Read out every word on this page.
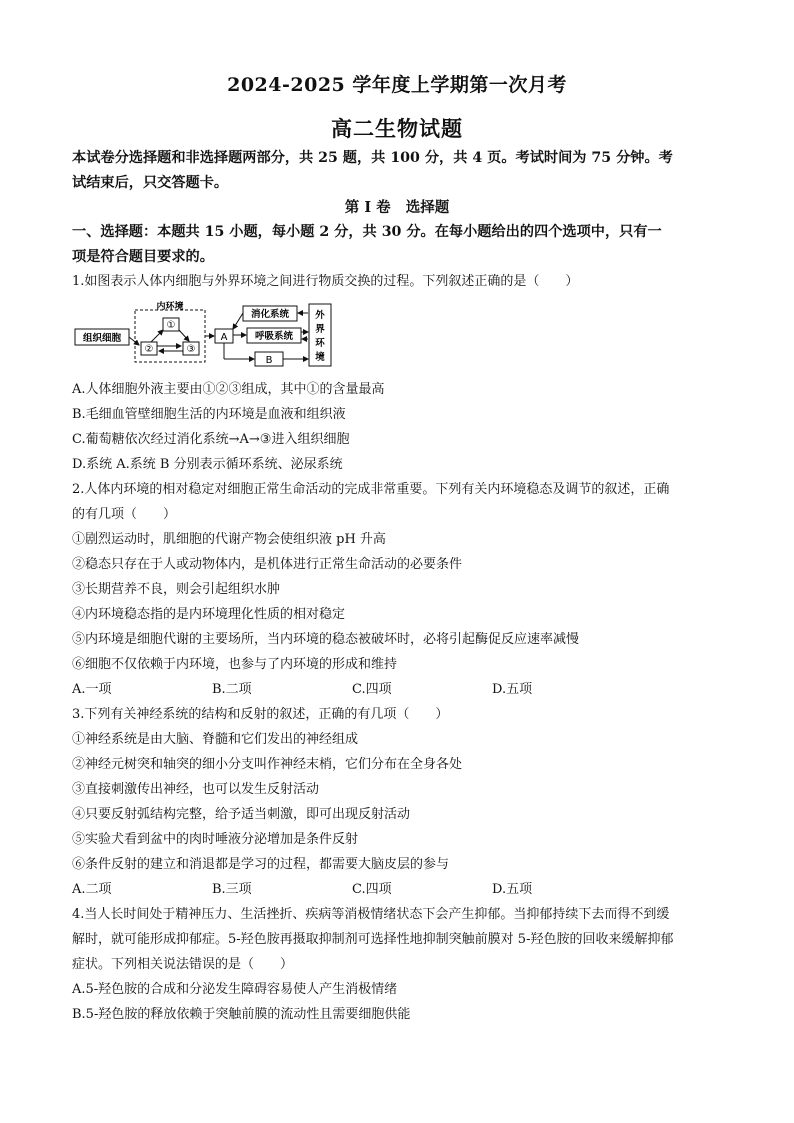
2024-2025 学年度上学期第一次月考
高二生物试题
本试卷分选择题和非选择题两部分，共 25 题，共 100 分，共 4 页。考试时间为 75 分钟。考
试结束后，只交答题卡。
第 I 卷 选择题
一、选择题：本题共 15 小题，每小题 2 分，共 30 分。在每小题给出的四个选项中，只有一
项是符合题目要求的。
1.如图表示人体内细胞与外界环境之间进行物质交换的过程。下列叙述正确的是（　　）
组织细胞
内环境
①
②	③
A
消化系统
呼吸系统
B
外
界
环
境
A.人体细胞外液主要由①②③组成，其中①的含量最高
B.毛细血管壁细胞生活的内环境是血液和组织液
C.葡萄糖依次经过消化系统→A→③进入组织细胞
D.系统 A.系统 B 分别表示循环系统、泌尿系统
2.人体内环境的相对稳定对细胞正常生命活动的完成非常重要。下列有关内环境稳态及调节的叙述，正确
的有几项（　　）
①剧烈运动时，肌细胞的代谢产物会使组织液 pH 升高
②稳态只存在于人或动物体内，是机体进行正常生命活动的必要条件
③长期营养不良，则会引起组织水肿
④内环境稳态指的是内环境理化性质的相对稳定
⑤内环境是细胞代谢的主要场所，当内环境的稳态被破坏时，必将引起酶促反应速率减慢
⑥细胞不仅依赖于内环境，也参与了内环境的形成和维持
A.一项	B.二项	C.四项	D.五项
3.下列有关神经系统的结构和反射的叙述，正确的有几项（　　）
①神经系统是由大脑、脊髓和它们发出的神经组成
②神经元树突和轴突的细小分支叫作神经末梢，它们分布在全身各处
③直接刺激传出神经，也可以发生反射活动
④只要反射弧结构完整，给予适当刺激，即可出现反射活动
⑤实验犬看到盆中的肉时唾液分泌增加是条件反射
⑥条件反射的建立和消退都是学习的过程，都需要大脑皮层的参与
A.二项	B.三项	C.四项	D.五项
4.当人长时间处于精神压力、生活挫折、疾病等消极情绪状态下会产生抑郁。当抑郁持续下去而得不到缓
解时，就可能形成抑郁症。5-羟色胺再摄取抑制剂可选择性地抑制突触前膜对 5-羟色胺的回收来缓解抑郁
症状。下列相关说法错误的是（　　）
A.5-羟色胺的合成和分泌发生障碍容易使人产生消极情绪
B.5-羟色胺的释放依赖于突触前膜的流动性且需要细胞供能
